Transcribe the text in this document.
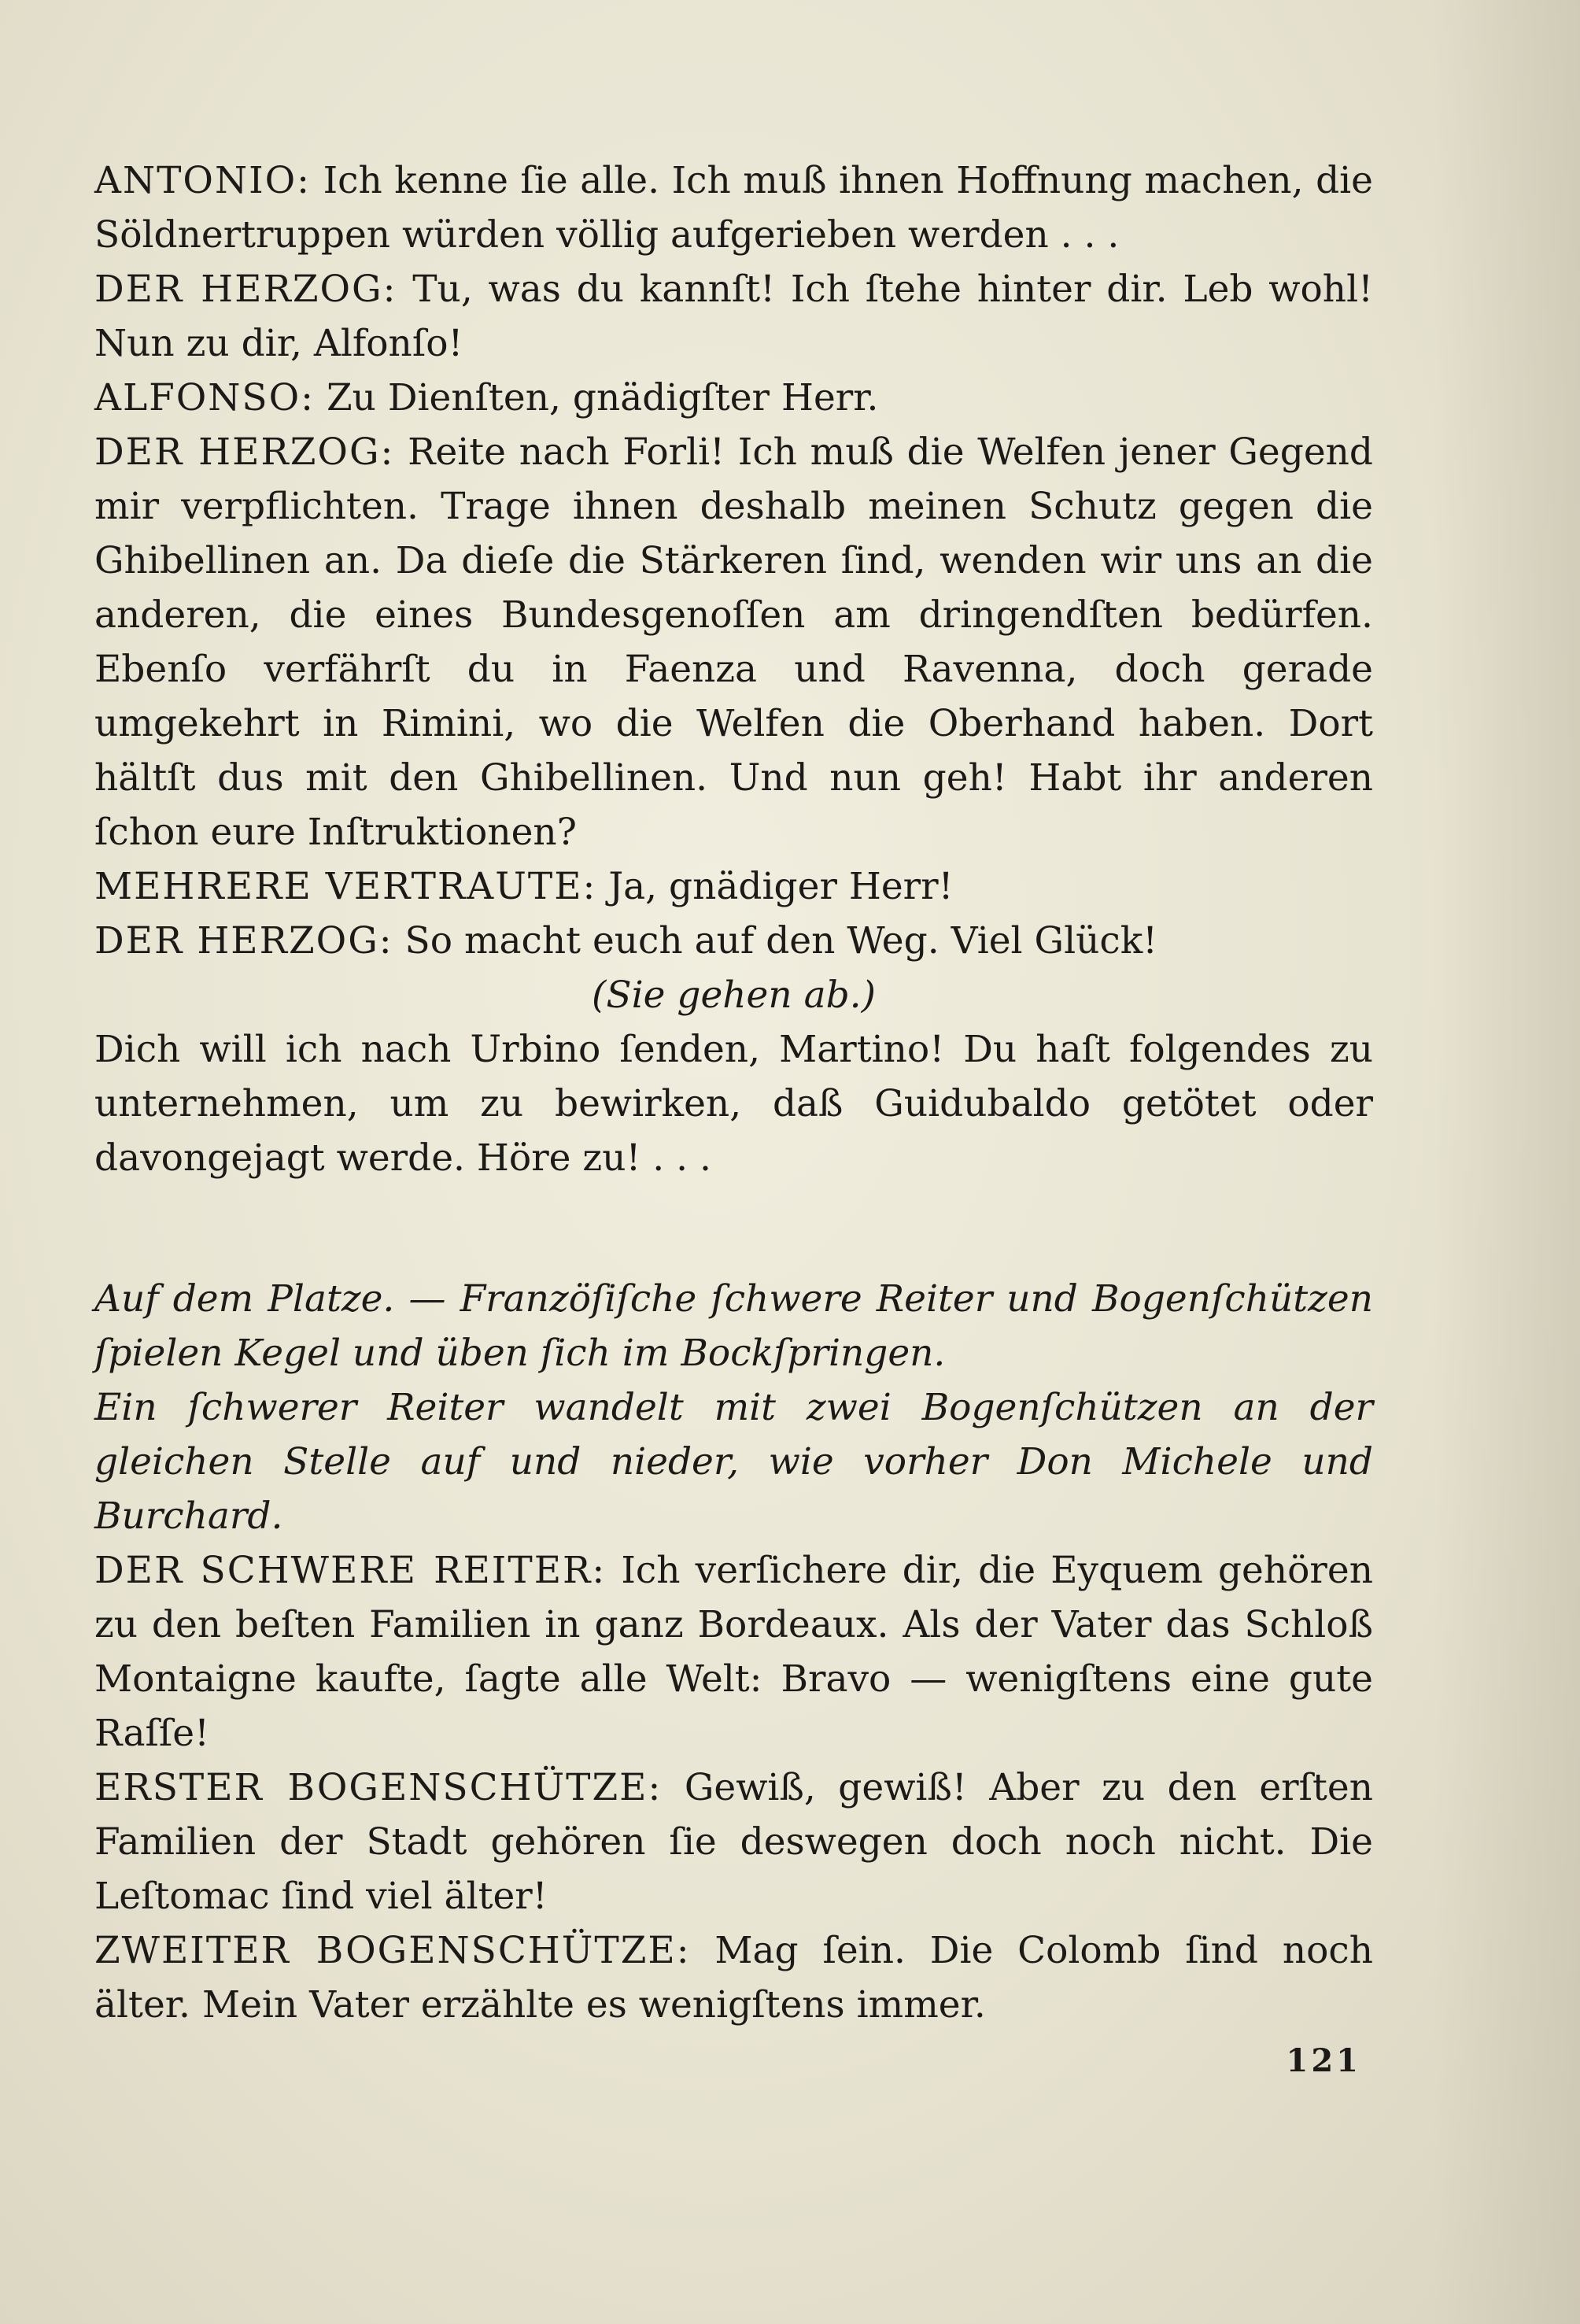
ANTONIO: Ich kenne ſie alle. Ich muß ihnen Hoffnung machen, die Söldnertruppen würden völlig aufgerieben werden . . .

DER HERZOG: Tu, was du kannſt! Ich ſtehe hinter dir. Leb wohl! Nun zu dir, Alfonſo!

ALFONSO: Zu Dienſten, gnädigſter Herr.

DER HERZOG: Reite nach Forli! Ich muß die Welfen jener Gegend mir verpflichten. Trage ihnen deshalb meinen Schutz gegen die Ghibellinen an. Da dieſe die Stärkeren ſind, wenden wir uns an die anderen, die eines Bundesgenoſſen am dringendſten bedürfen. Ebenſo verfährſt du in Faenza und Ravenna, doch gerade umgekehrt in Rimini, wo die Welfen die Oberhand haben. Dort hältſt dus mit den Ghibellinen. Und nun geh! Habt ihr anderen ſchon eure Inſtruktionen?

MEHRERE VERTRAUTE: Ja, gnädiger Herr!

DER HERZOG: So macht euch auf den Weg. Viel Glück!

(Sie gehen ab.)

Dich will ich nach Urbino ſenden, Martino! Du haſt folgendes zu unternehmen, um zu bewirken, daß Guidubaldo getötet oder davongejagt werde. Höre zu! . . .

Auf dem Platze. — Franzöſiſche ſchwere Reiter und Bogenſchützen ſpielen Kegel und üben ſich im Bockſpringen.

Ein ſchwerer Reiter wandelt mit zwei Bogenſchützen an der gleichen Stelle auf und nieder, wie vorher Don Michele und Burchard.

DER SCHWERE REITER: Ich verſichere dir, die Eyquem gehören zu den beſten Familien in ganz Bordeaux. Als der Vater das Schloß Montaigne kaufte, ſagte alle Welt: Bravo — wenigſtens eine gute Raſſe!

ERSTER BOGENSCHÜTZE: Gewiß, gewiß! Aber zu den erſten Familien der Stadt gehören ſie deswegen doch noch nicht. Die Leſtomac ſind viel älter!

ZWEITER BOGENSCHÜTZE: Mag ſein. Die Colomb ſind noch älter. Mein Vater erzählte es wenigſtens immer.

121
